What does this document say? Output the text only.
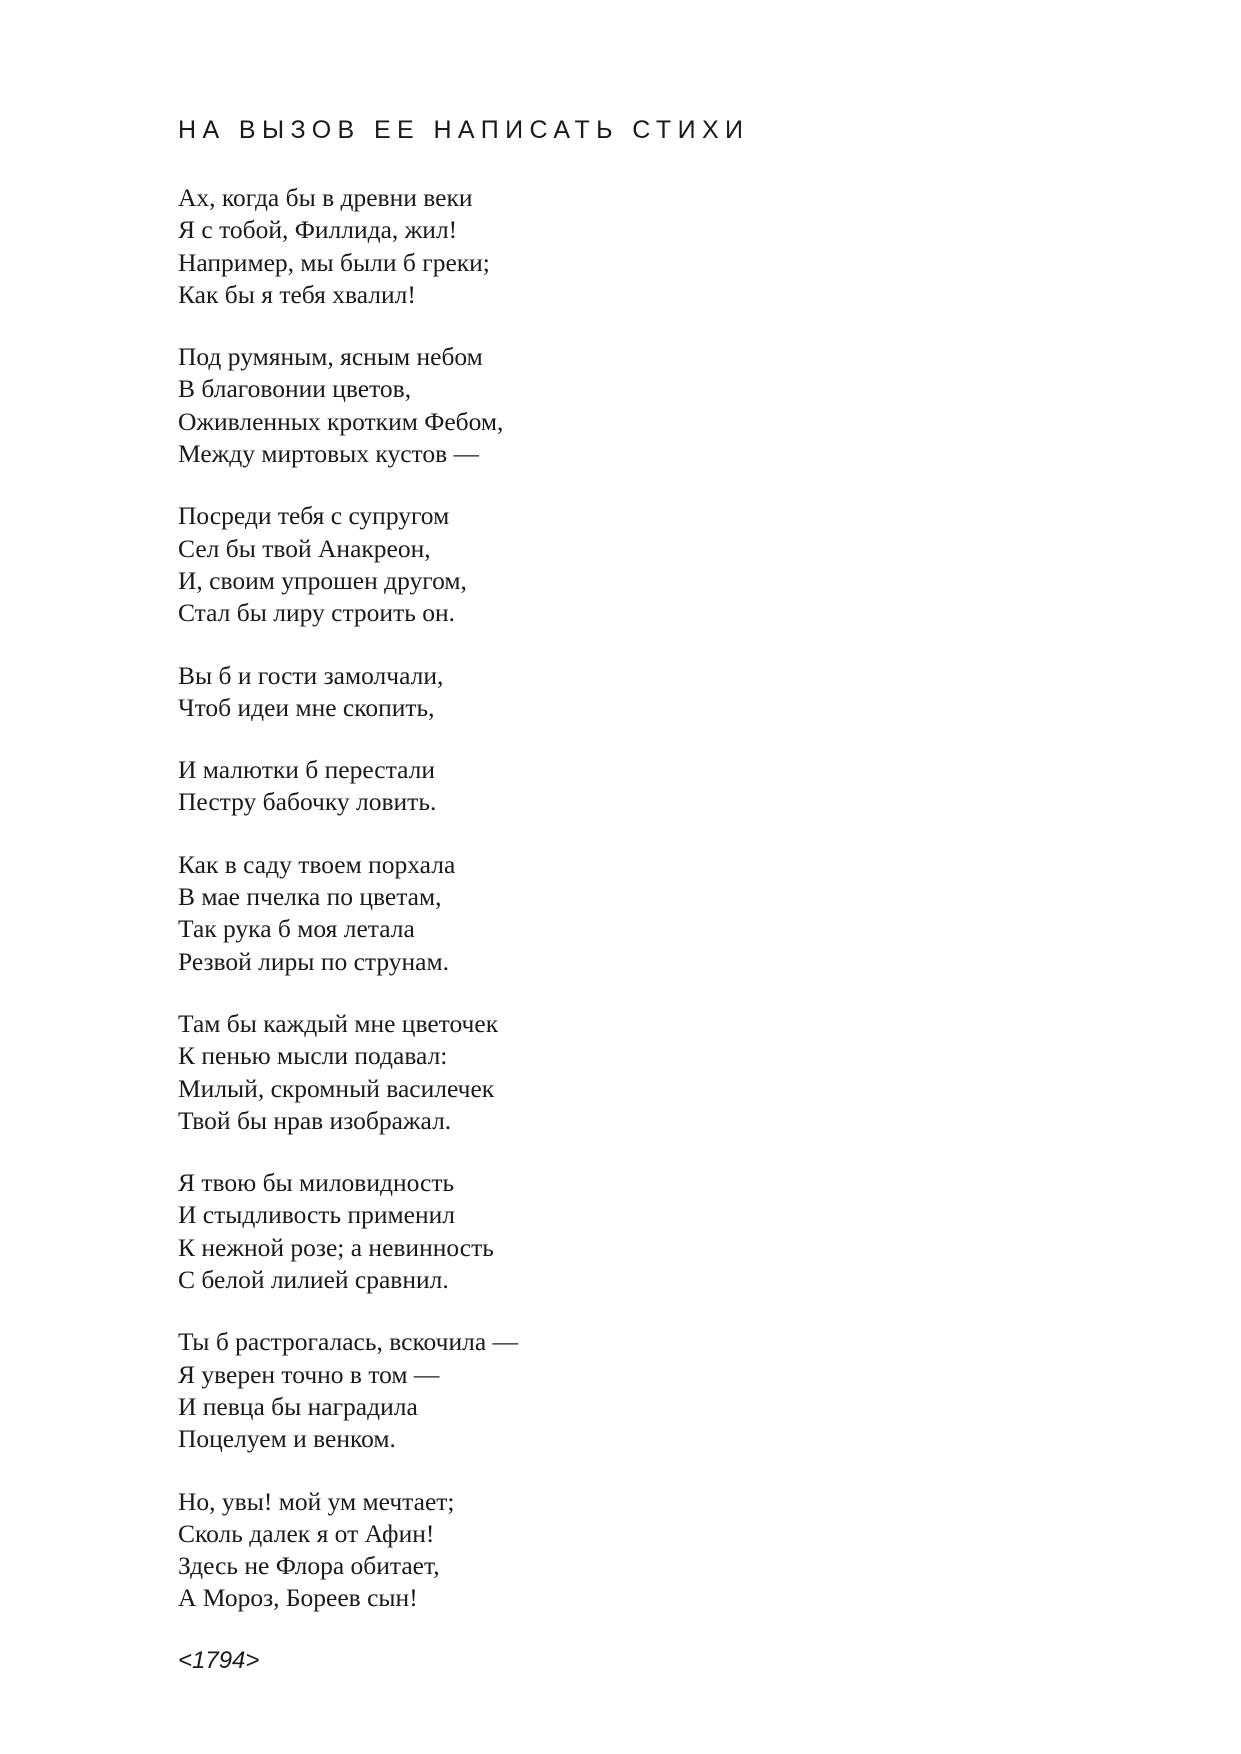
НА ВЫЗОВ ЕЕ НАПИСАТЬ СТИХИ
Ах, когда бы в древни веки
Я с тобой, Филлида, жил!
Например, мы были б греки;
Как бы я тебя хвалил!
Под румяным, ясным небом
В благовонии цветов,
Оживленных кротким Фебом,
Между миртовых кустов —
Посреди тебя с супругом
Сел бы твой Анакреон,
И, своим упрошен другом,
Стал бы лиру строить он.
Вы б и гости замолчали,
Чтоб идеи мне скопить,
И малютки б перестали
Пестру бабочку ловить.
Как в саду твоем порхала
В мае пчелка по цветам,
Так рука б моя летала
Резвой лиры по струнам.
Там бы каждый мне цветочек
К пенью мысли подавал:
Милый, скромный василечек
Твой бы нрав изображал.
Я твою бы миловидность
И стыдливость применил
К нежной розе; а невинность
С белой лилией сравнил.
Ты б растрогалась, вскочила —
Я уверен точно в том —
И певца бы наградила
Поцелуем и венком.
Но, увы! мой ум мечтает;
Сколь далек я от Афин!
Здесь не Флора обитает,
А Мороз, Бореев сын!
<1794>
